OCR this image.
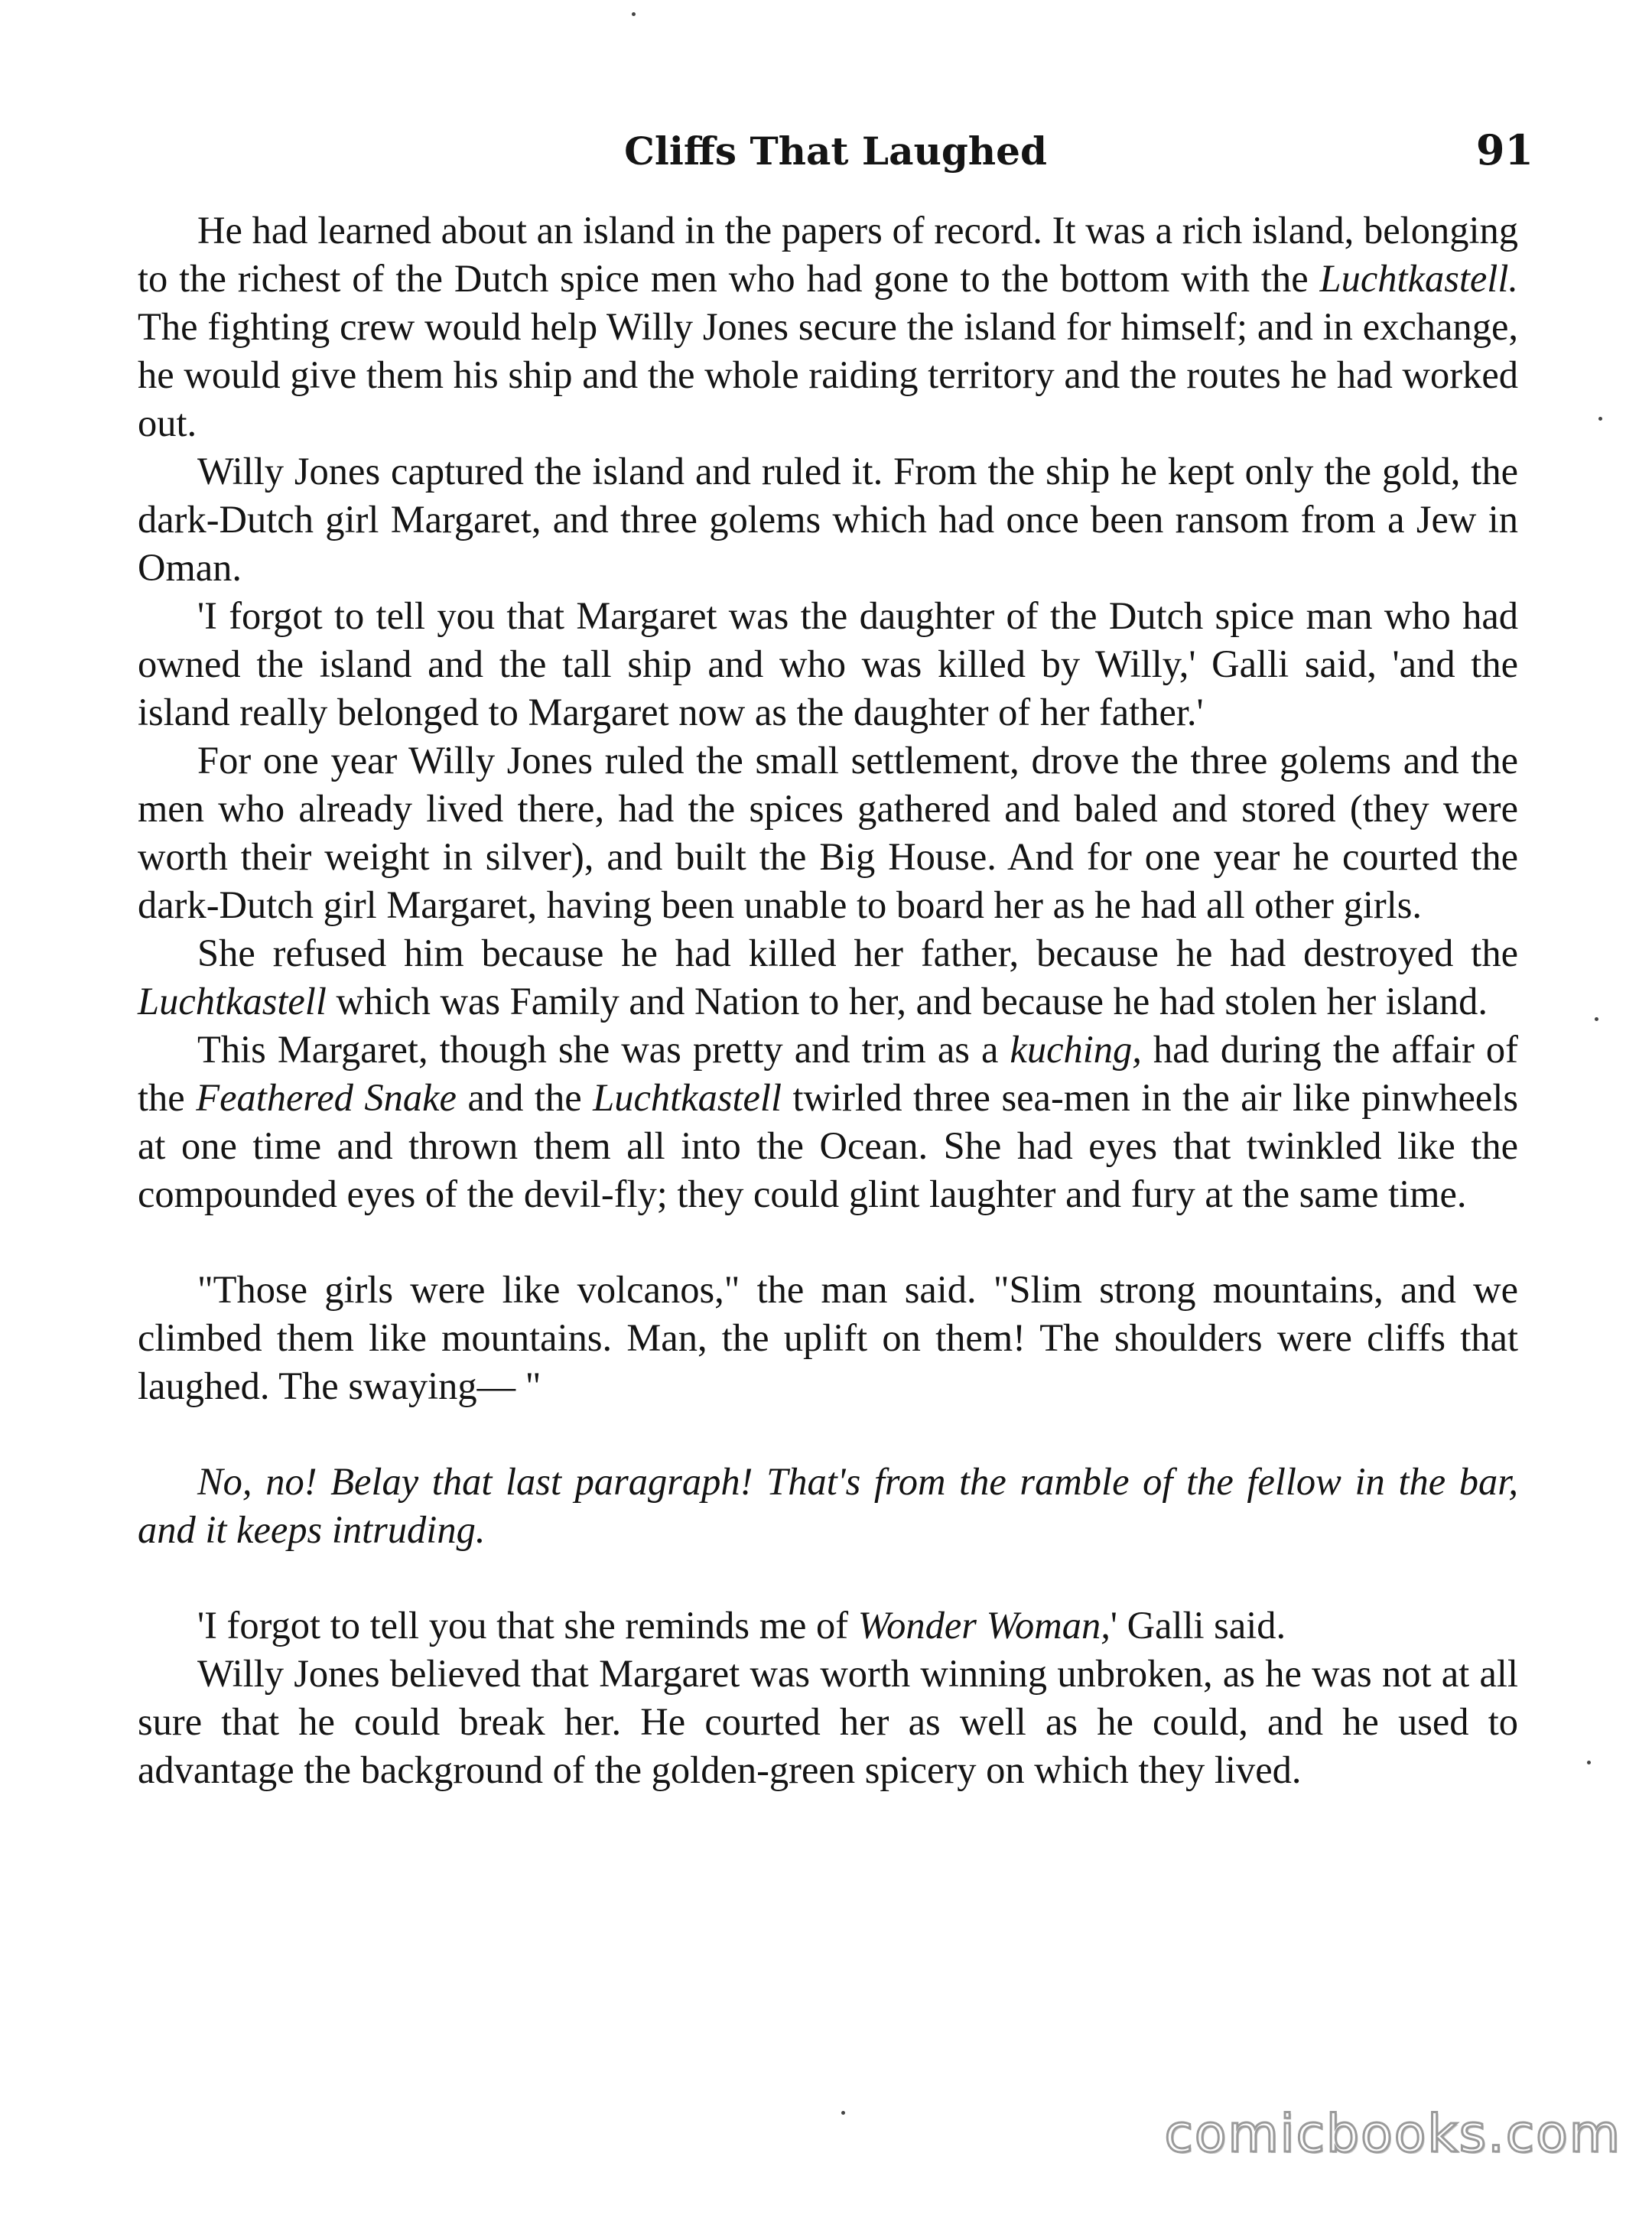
Cliffs That Laughed	91

He had learned about an island in the papers of record. It was a rich island, belonging to the richest of the Dutch spice men who had gone to the bottom with the Luchtkastell. The fighting crew would help Willy Jones secure the island for himself; and in exchange, he would give them his ship and the whole raiding territory and the routes he had worked out.

Willy Jones captured the island and ruled it. From the ship he kept only the gold, the dark-Dutch girl Margaret, and three golems which had once been ransom from a Jew in Oman.

'I forgot to tell you that Margaret was the daughter of the Dutch spice man who had owned the island and the tall ship and who was killed by Willy,' Galli said, 'and the island really belonged to Margaret now as the daughter of her father.'

For one year Willy Jones ruled the small settlement, drove the three golems and the men who already lived there, had the spices gathered and baled and stored (they were worth their weight in silver), and built the Big House. And for one year he courted the dark-Dutch girl Margaret, having been unable to board her as he had all other girls.

She refused him because he had killed her father, because he had destroyed the Luchtkastell which was Family and Nation to her, and because he had stolen her island.

This Margaret, though she was pretty and trim as a kuching, had during the affair of the Feathered Snake and the Luchtkastell twirled three sea-men in the air like pinwheels at one time and thrown them all into the Ocean. She had eyes that twinkled like the compounded eyes of the devil-fly; they could glint laughter and fury at the same time.

"Those girls were like volcanos," the man said. "Slim strong mountains, and we climbed them like mountains. Man, the uplift on them! The shoulders were cliffs that laughed. The swaying— "

No, no! Belay that last paragraph! That's from the ramble of the fellow in the bar, and it keeps intruding.

'I forgot to tell you that she reminds me of Wonder Woman,' Galli said.

Willy Jones believed that Margaret was worth winning unbroken, as he was not at all sure that he could break her. He courted her as well as he could, and he used to advantage the background of the golden-green spicery on which they lived.

comicbooks.com
